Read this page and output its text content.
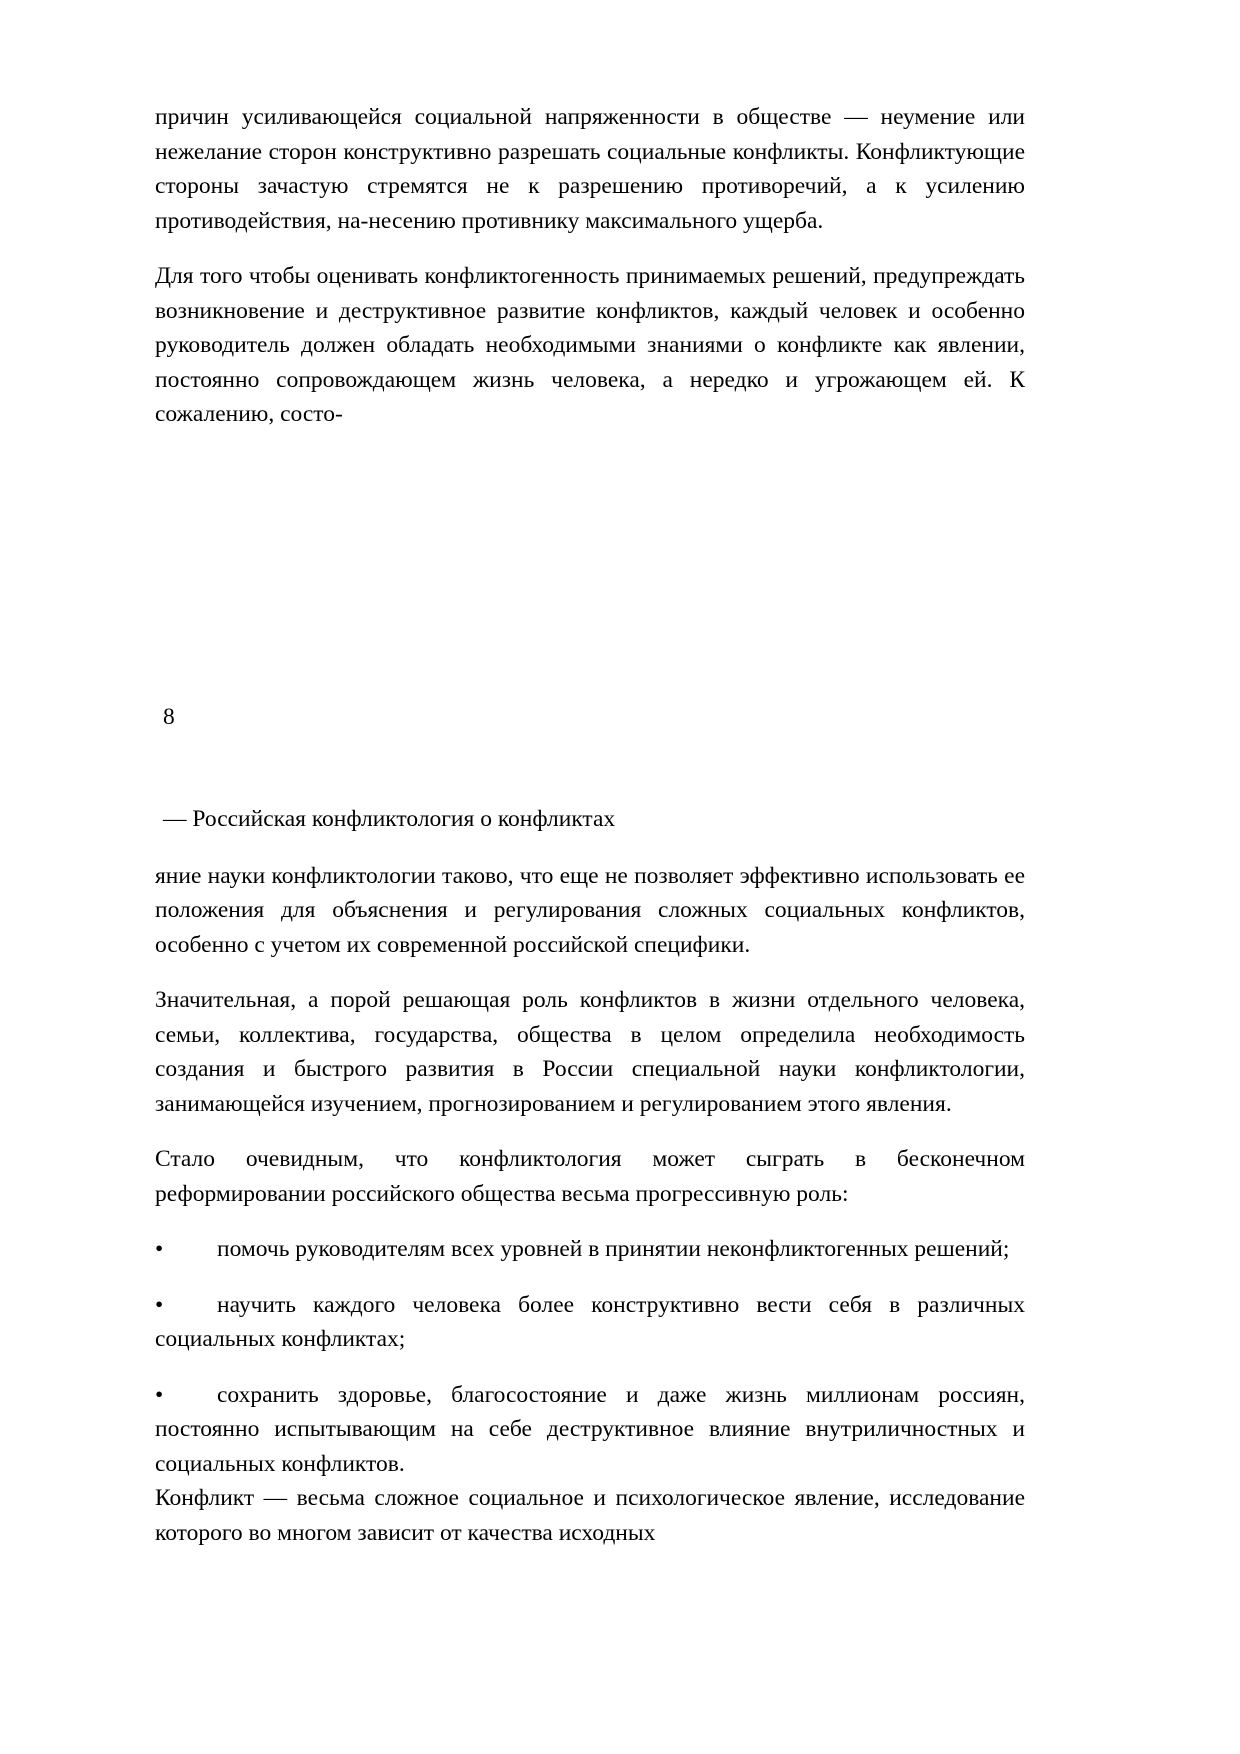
причин усиливающейся социальной напряженности в обществе — неумение или нежелание сторон конструктивно разрешать социальные конфликты. Конфликтующие стороны зачастую стремятся не к разрешению противоречий, а к усилению противодействия, на-несению противнику максимального ущерба.

Для того чтобы оценивать конфликтогенность принимаемых решений, предупреждать возникновение и деструктивное развитие конфликтов, каждый человек и особенно руководитель должен обладать необходимыми знаниями о конфликте как явлении, постоянно сопровождающем жизнь человека, а нередко и угрожающем ей. К сожалению, состо-

8

— Российская конфликтология о конфликтах

яние науки конфликтологии таково, что еще не позволяет эффективно использовать ее положения для объяснения и регулирования сложных социальных конфликтов, особенно с учетом их современной российской специфики.

Значительная, а порой решающая роль конфликтов в жизни отдельного человека, семьи, коллектива, государства, общества в целом определила необходимость создания и быстрого развития в России специальной науки конфликтологии, занимающейся изучением, прогнозированием и регулированием этого явления.

Стало очевидным, что конфликтология может сыграть в бесконечном реформировании российского общества весьма прогрессивную роль:

• помочь руководителям всех уровней в принятии неконфликтогенных решений;

• научить каждого человека более конструктивно вести себя в различных социальных конфликтах;

• сохранить здоровье, благосостояние и даже жизнь миллионам россиян, постоянно испытывающим на себе деструктивное влияние внутриличностных и социальных конфликтов.

Конфликт — весьма сложное социальное и психологическое явление, исследование которого во многом зависит от качества исходных
